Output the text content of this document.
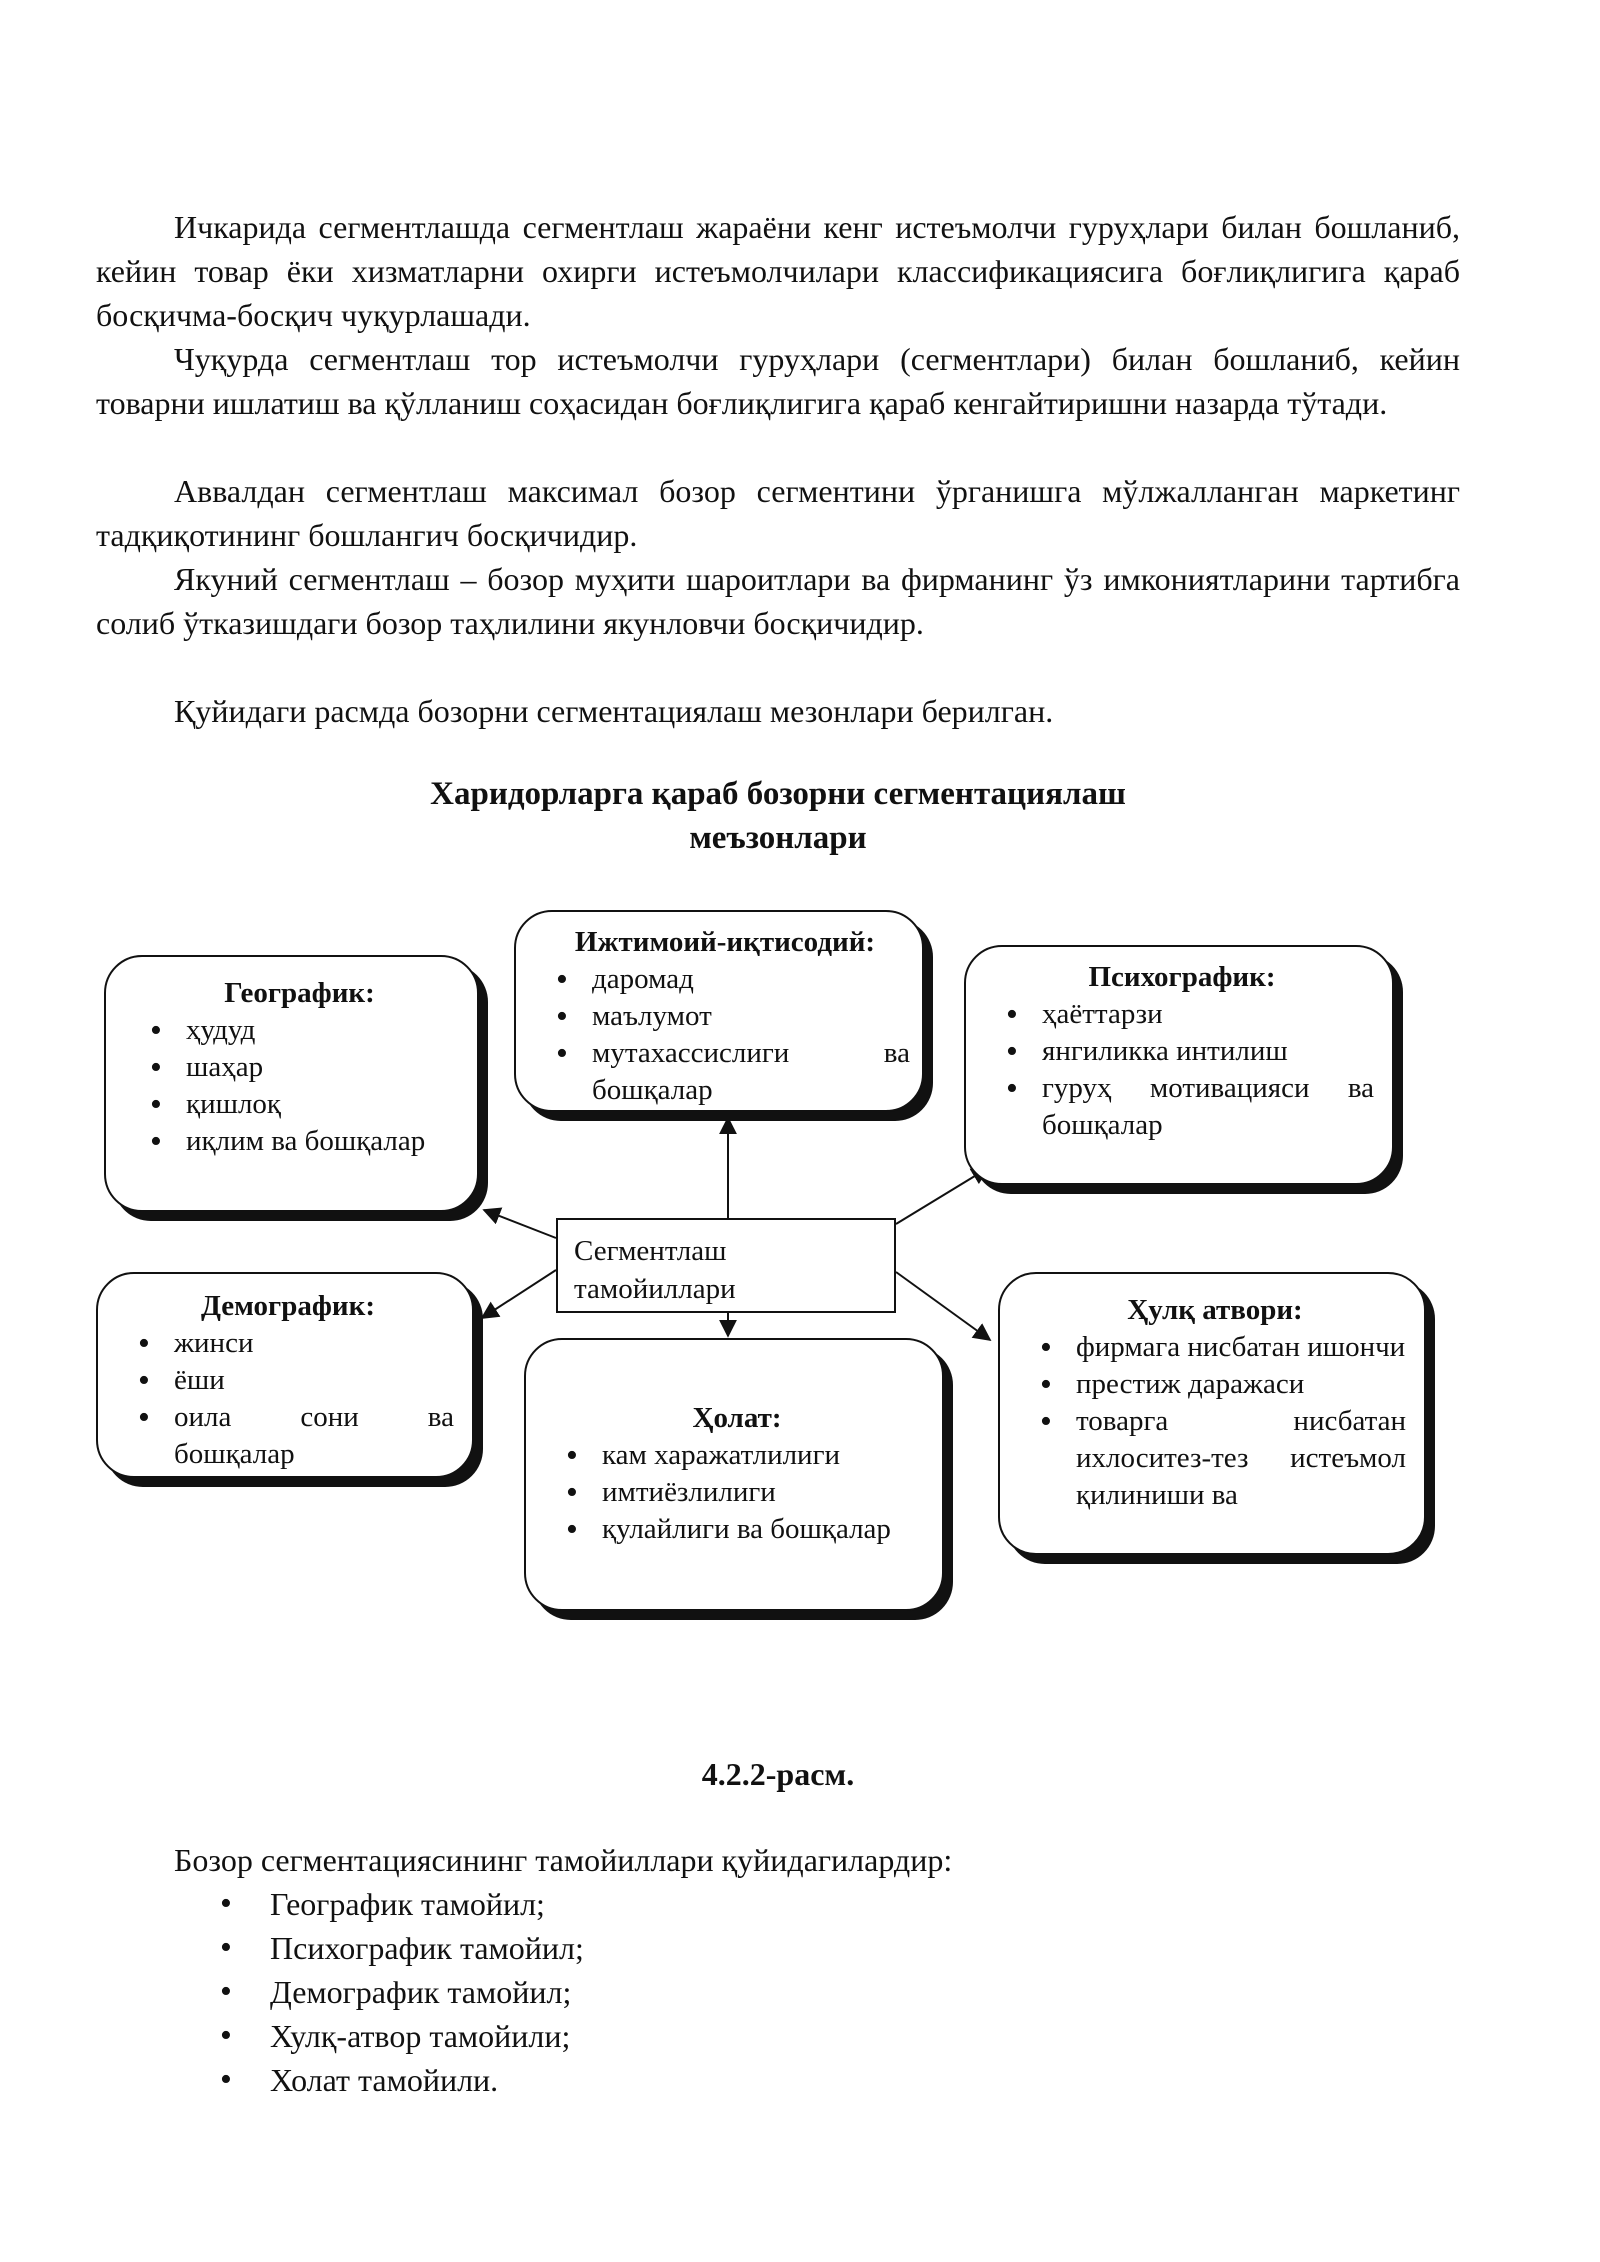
Ичкарида сегментлашда сегментлаш жараёни кенг истеъмолчи гуруҳлари билан бошланиб, кейин товар ёки хизматларни охирги истеъмолчилари классификациясига боғлиқлигига қараб босқичма-босқич чуқурлашади.

Чуқурда сегментлаш тор истеъмолчи гуруҳлари (сегментлари) билан бошланиб, кейин товарни ишлатиш ва қўлланиш соҳасидан боғлиқлигига қараб кенгайтиришни назарда тўтади.

Аввалдан сегментлаш максимал бозор сегментини ўрганишга мўлжалланган маркетинг тадқиқотининг бошлангич босқичидир.

Якуний сегментлаш – бозор муҳити шароитлари ва фирманинг ўз имкониятларини тартибга солиб ўтказишдаги бозор таҳлилини якунловчи босқичидир.

Қуйидаги расмда бозорни сегментациялаш мезонлари берилган.

Харидорларга қараб бозорни сегментациялаш
меъзонлари

Географик:

• ҳудуд
• шаҳар
• қишлоқ
• иқлим ва бошқалар

Ижтимоий-иқтисодий:

• даромад
• маълумот
• мутахассислиги ва бошқалар

Психографик:

• ҳаёттарзи
• янгиликка интилиш
• гуруҳ мотивацияси ва бошқалар

Демографик:

• жинси
• ёши
• оила сони ва бошқалар

Ҳолат:

• кам харажатлилиги
• имтиёзлилиги
• қулайлиги ва бошқалар

Ҳулқ атвори:

• фирмага нисбатан ишончи
• престиж даражаси
• товарга нисбатан ихлоситез-тез истеъмол қилиниши ва
Сегментлаш
тамойиллари

4.2.2-расм.

Бозор сегментациясининг тамойиллари қуйидагилардир:

• Географик тамойил;
• Психографик тамойил;
• Демографик тамойил;
• Хулқ-атвор тамойили;
• Холат тамойили.
